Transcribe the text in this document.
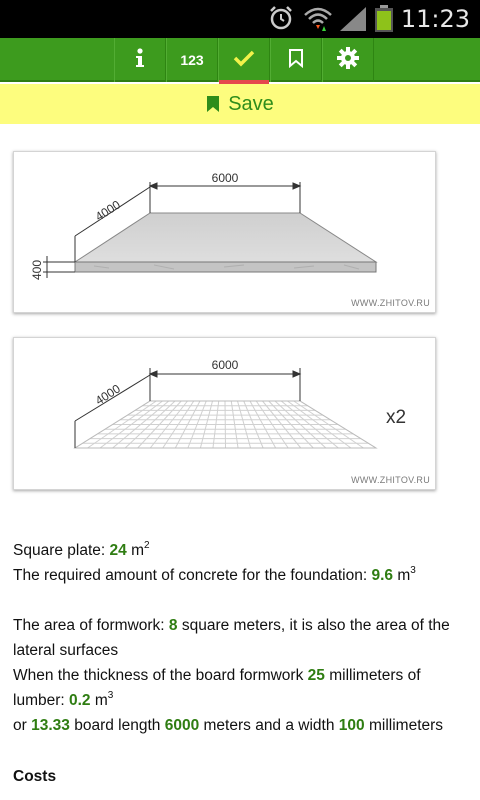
11:23
123
Save
6000
4000
400
WWW.ZHITOV.RU
6000
4000
x2
WWW.ZHITOV.RU
Square plate: 24 $m^2$
The required amount of concrete for the foundation: 9.6 $m^3$
The area of formwork: 8 square meters, it is also the area of the lateral surfaces
When the thickness of the board formwork 25 millimeters of lumber: 0.2 $m^3$
or 13.33 board length 6000 meters and a width 100 millimeters
Costs
